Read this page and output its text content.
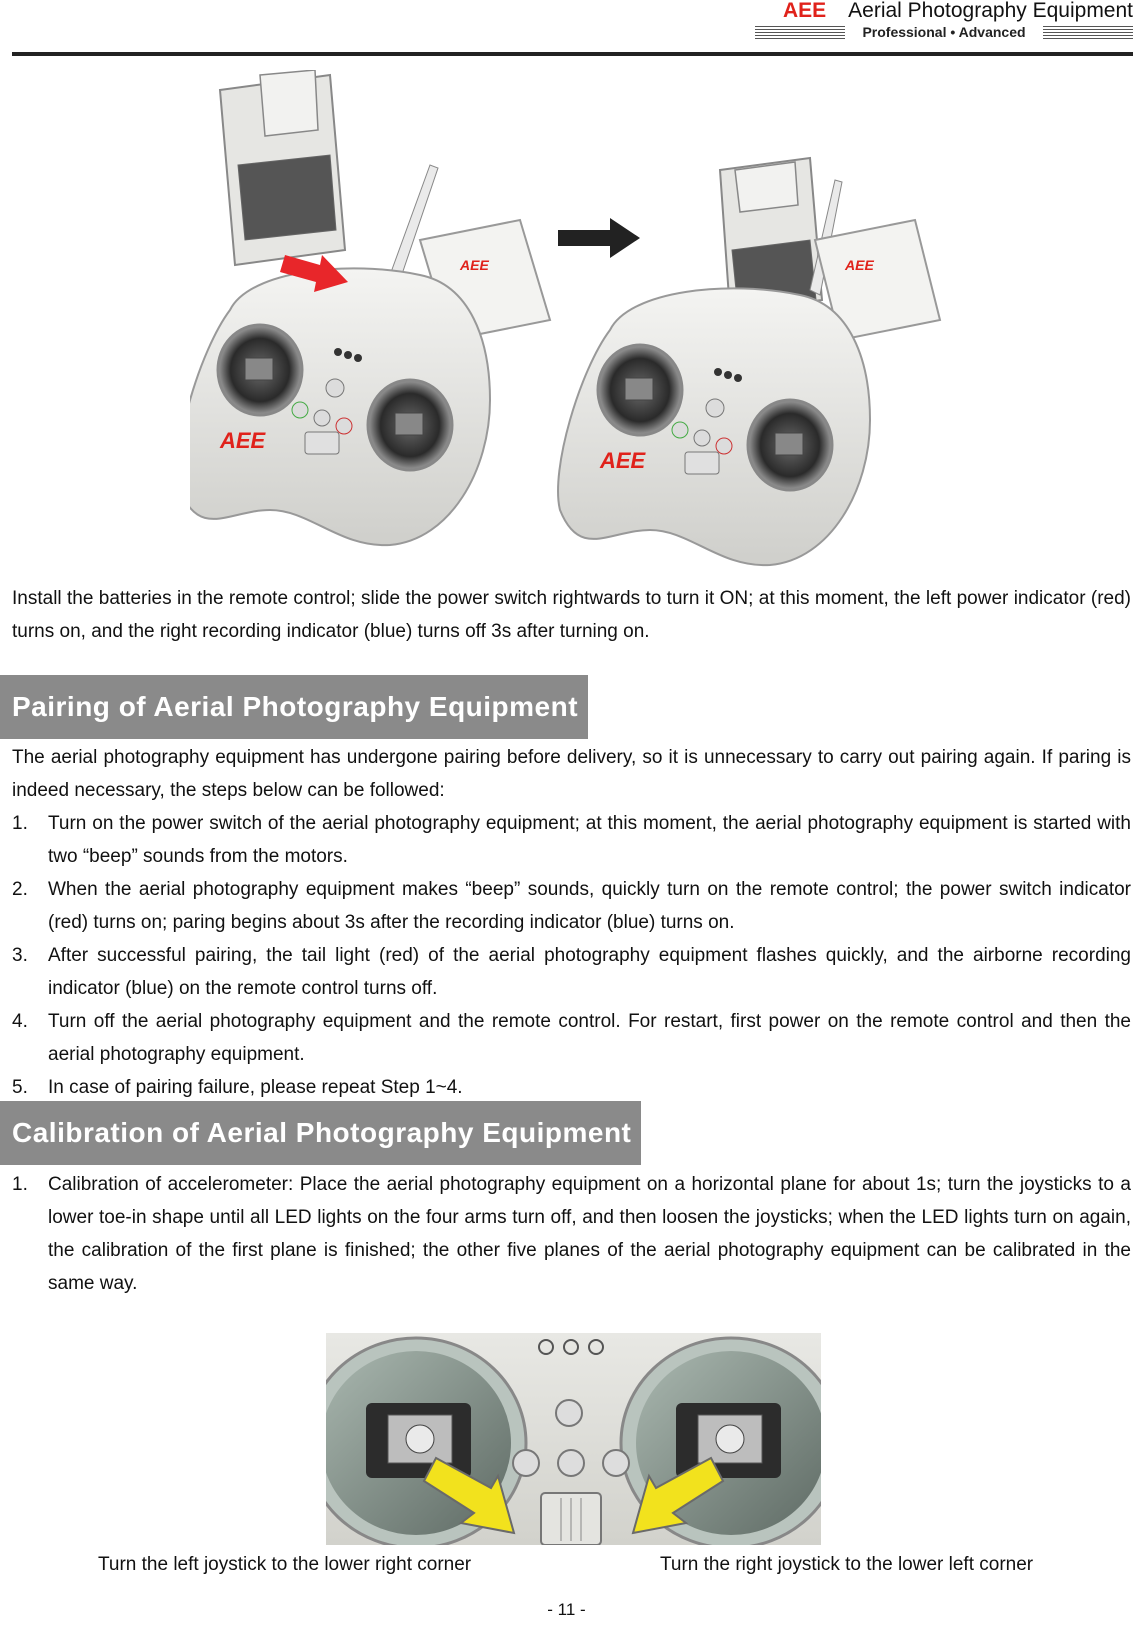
AEE Aerial Photography Equipment
Professional • Advanced
AEE
AEE
AEE
AEE

Install the batteries in the remote control; slide the power switch rightwards to turn it ON; at this moment, the left power indicator (red) turns on, and the right recording indicator (blue) turns off 3s after turning on.

Pairing of Aerial Photography Equipment

The aerial photography equipment has undergone pairing before delivery, so it is unnecessary to carry out pairing again. If paring is indeed necessary, the steps below can be followed:

1. Turn on the power switch of the aerial photography equipment; at this moment, the aerial photography equipment is started with two “beep” sounds from the motors.
2. When the aerial photography equipment makes “beep” sounds, quickly turn on the remote control; the power switch indicator (red) turns on; paring begins about 3s after the recording indicator (blue) turns on.
3. After successful pairing, the tail light (red) of the aerial photography equipment flashes quickly, and the airborne recording indicator (blue) on the remote control turns off.
4. Turn off the aerial photography equipment and the remote control. For restart, first power on the remote control and then the aerial photography equipment.
5. In case of pairing failure, please repeat Step 1~4.
Calibration of Aerial Photography Equipment
1. Calibration of accelerometer: Place the aerial photography equipment on a horizontal plane for about 1s; turn the joysticks to a lower toe-in shape until all LED lights on the four arms turn off, and then loosen the joysticks; when the LED lights turn on again, the calibration of the first plane is finished; the other five planes of the aerial photography equipment can be calibrated in the same way.
Turn the left joystick to the lower right corner	Turn the right joystick to the lower left corner
- 11 -
